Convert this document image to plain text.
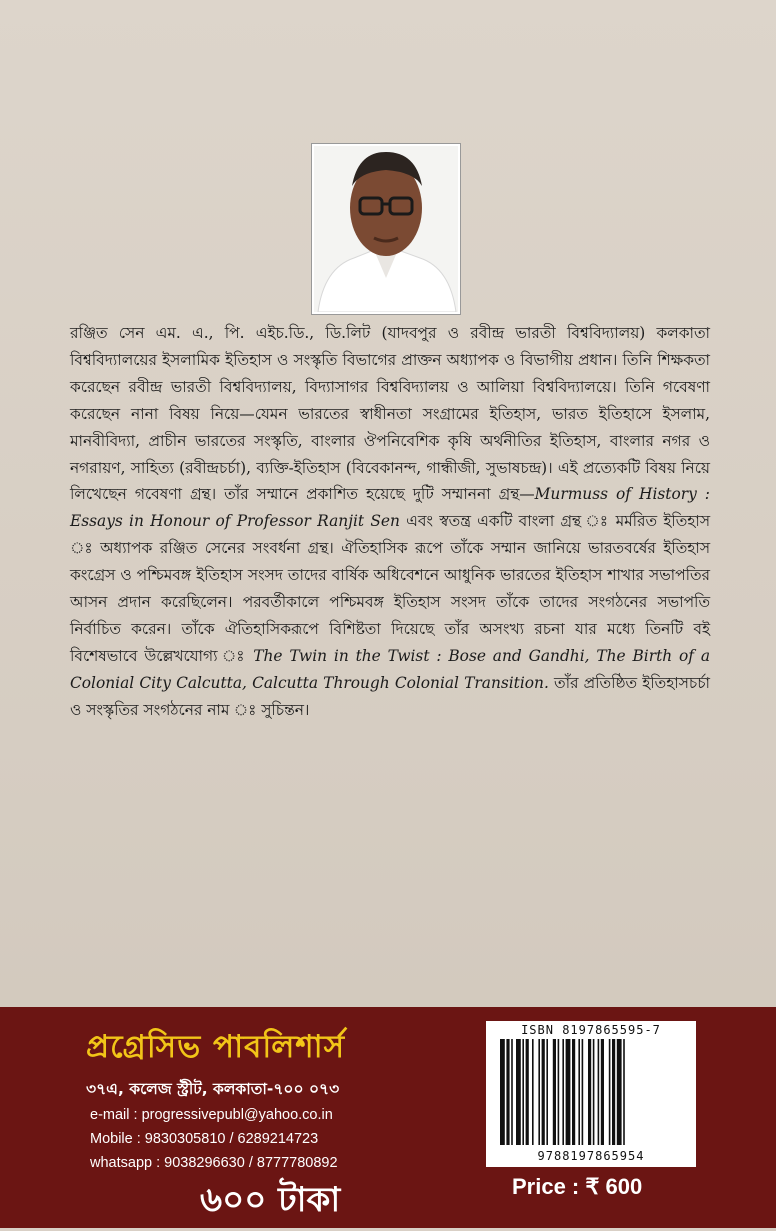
রঞ্জিত সেন এম. এ., পি. এইচ.ডি., ডি.লিট (যাদবপুর ও রবীন্দ্র ভারতী বিশ্ববিদ্যালয়) কলকাতা বিশ্ববিদ্যালয়ের ইসলামিক ইতিহাস ও সংস্কৃতি বিভাগের প্রাক্তন অধ্যাপক ও বিভাগীয় প্রধান। তিনি শিক্ষকতা করেছেন রবীন্দ্র ভারতী বিশ্ববিদ্যালয়, বিদ্যাসাগর বিশ্ববিদ্যালয় ও আলিয়া বিশ্ববিদ্যালয়ে। তিনি গবেষণা করেছেন নানা বিষয় নিয়ে—যেমন ভারতের স্বাধীনতা সংগ্রামের ইতিহাস, ভারত ইতিহাসে ইসলাম, মানবীবিদ্যা, প্রাচীন ভারতের সংস্কৃতি, বাংলার ঔপনিবেশিক কৃষি অর্থনীতির ইতিহাস, বাংলার নগর ও নগরায়ণ, সাহিত্য (রবীন্দ্রচর্চা), ব্যক্তি-ইতিহাস (বিবেকানন্দ, গান্ধীজী, সুভাষচন্দ্র)। এই প্রত্যেকটি বিষয় নিয়ে লিখেছেন গবেষণা গ্রন্থ। তাঁর সম্মানে প্রকাশিত হয়েছে দুটি সম্মাননা গ্রন্থ—Murmuss of History : Essays in Honour of Professor Ranjit Sen এবং স্বতন্ত্র একটি বাংলা গ্রন্থ ঃ মর্মরিত ইতিহাস ঃ অধ্যাপক রঞ্জিত সেনের সংবর্ধনা গ্রন্থ। ঐতিহাসিক রূপে তাঁকে সম্মান জানিয়ে ভারতবর্ষের ইতিহাস কংগ্রেস ও পশ্চিমবঙ্গ ইতিহাস সংসদ তাদের বার্ষিক অধিবেশনে আধুনিক ভারতের ইতিহাস শাখার সভাপতির আসন প্রদান করেছিলেন। পরবর্তীকালে পশ্চিমবঙ্গ ইতিহাস সংসদ তাঁকে তাদের সংগঠনের সভাপতি নির্বাচিত করেন। তাঁকে ঐতিহাসিকরূপে বিশিষ্টতা দিয়েছে তাঁর অসংখ্য রচনা যার মধ্যে তিনটি বই বিশেষভাবে উল্লেখযোগ্য ঃ The Twin in the Twist : Bose and Gandhi, The Birth of a Colonial City Calcutta, Calcutta Through Colonial Transition. তাঁর প্রতিষ্ঠিত ইতিহাসচর্চা ও সংস্কৃতির সংগঠনের নাম ঃ সুচিন্তন।
প্রগ্রেসিভ পাবলিশার্স
৩৭এ, কলেজ স্ট্রীট, কলকাতা-৭০০ ০৭৩
e-mail : progressivepubl@yahoo.co.in
Mobile : 9830305810 / 6289214723
whatsapp : 9038296630 / 8777780892
৬০০ টাকা
ISBN 8197865595-7
9788197865954
Price : ₹ 600
